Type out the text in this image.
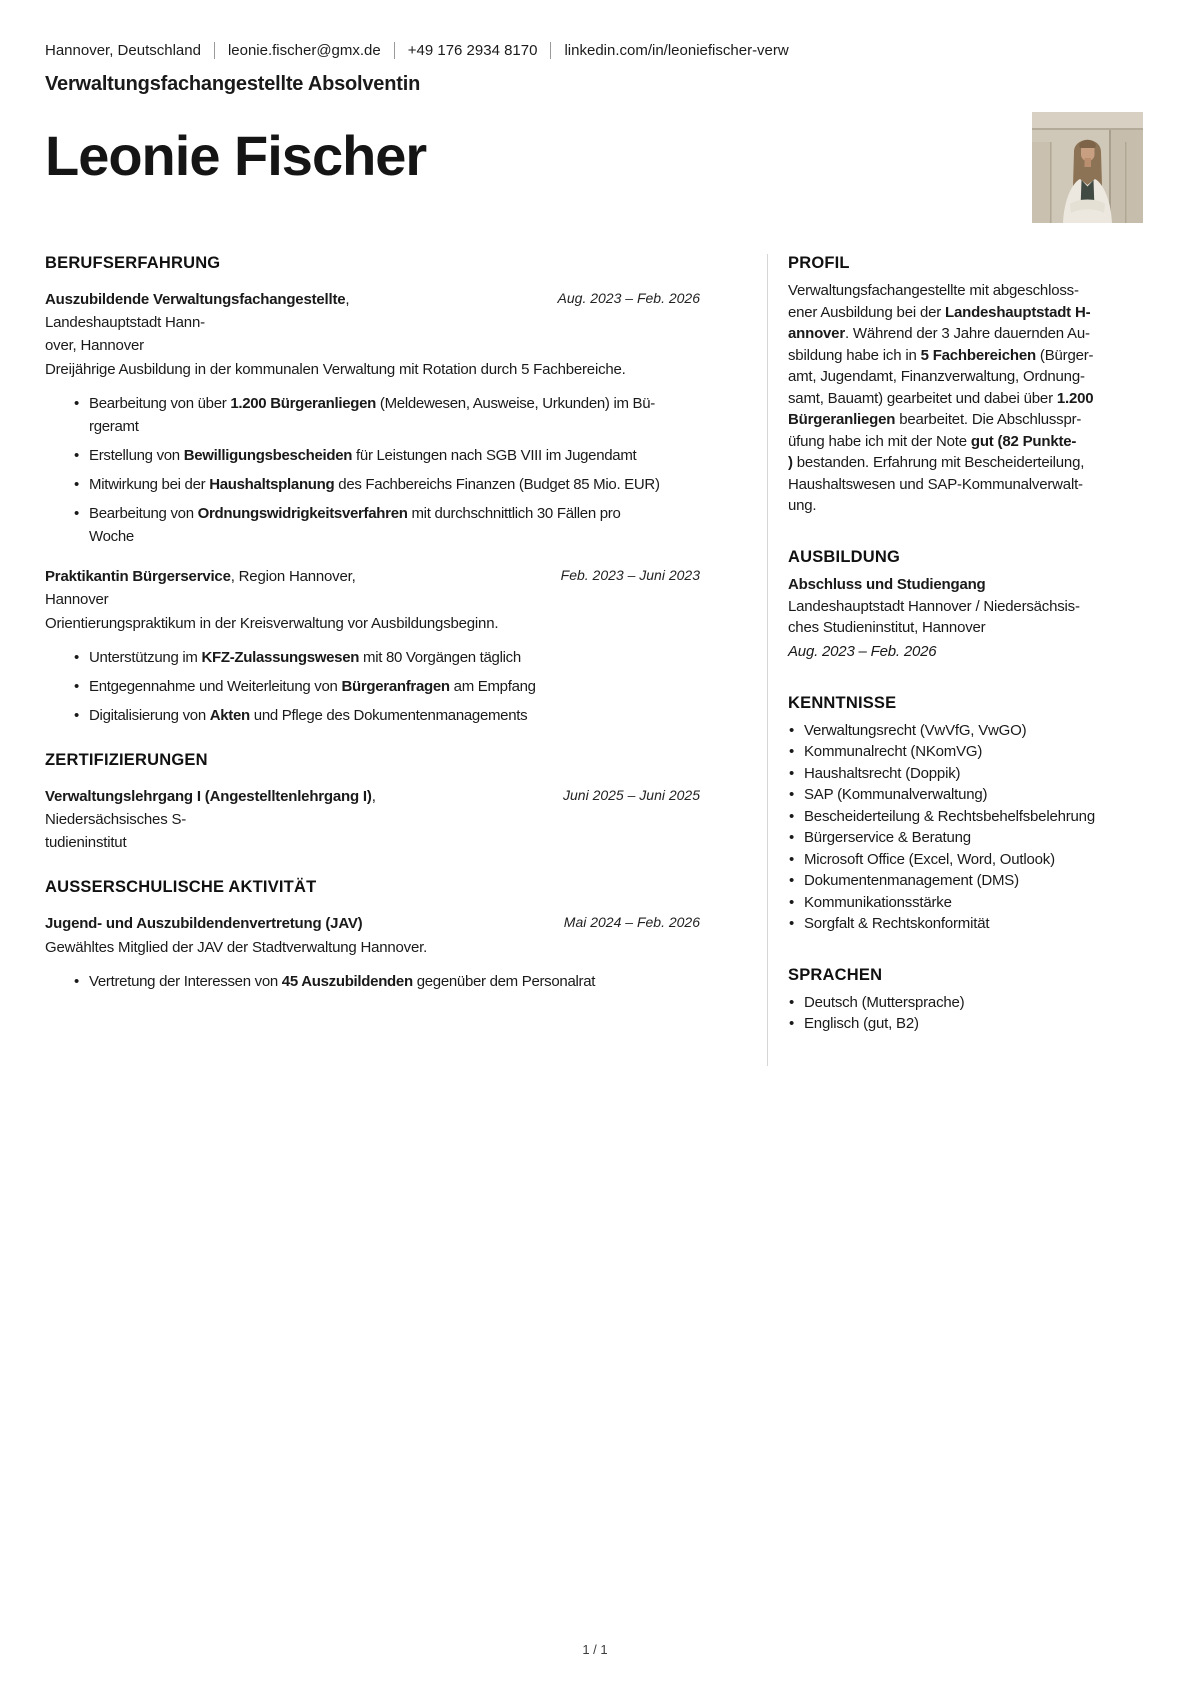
Hannover, Deutschland leonie.fischer@gmx.de +49 176 2934 8170 linkedin.com/in/leoniefischer-verw
Verwaltungsfachangestellte Absolventin
Leonie Fischer
BERUFSERFAHRUNG
Auszubildende Verwaltungsfachangestellte, Landeshauptstadt Hann-
over, Hannover
Aug. 2023 – Feb. 2026
Dreijährige Ausbildung in der kommunalen Verwaltung mit Rotation durch 5 Fachbereiche.
• Bearbeitung von über 1.200 Bürgeranliegen (Meldewesen, Ausweise, Urkunden) im Bü-
rgeramt
• Erstellung von Bewilligungsbescheiden für Leistungen nach SGB VIII im Jugendamt
• Mitwirkung bei der Haushaltsplanung des Fachbereichs Finanzen (Budget 85 Mio. EUR)
• Bearbeitung von Ordnungswidrigkeitsverfahren mit durchschnittlich 30 Fällen pro
Woche
Praktikantin Bürgerservice, Region Hannover, Hannover
Feb. 2023 – Juni 2023
Orientierungspraktikum in der Kreisverwaltung vor Ausbildungsbeginn.
• Unterstützung im KFZ-Zulassungswesen mit 80 Vorgängen täglich
• Entgegennahme und Weiterleitung von Bürgeranfragen am Empfang
• Digitalisierung von Akten und Pflege des Dokumentenmanagements
ZERTIFIZIERUNGEN
Verwaltungslehrgang I (Angestelltenlehrgang I), Niedersächsisches S-
tudieninstitut
Juni 2025 – Juni 2025
AUSSERSCHULISCHE AKTIVITÄT
Jugend- und Auszubildendenvertretung (JAV)	Mai 2024 – Feb. 2026
Gewähltes Mitglied der JAV der Stadtverwaltung Hannover.
• Vertretung der Interessen von 45 Auszubildenden gegenüber dem Personalrat
PROFIL
Verwaltungsfachangestellte mit abgeschloss-
ener Ausbildung bei der Landeshauptstadt H-
annover. Während der 3 Jahre dauernden Au-
sbildung habe ich in 5 Fachbereichen (Bürger-
amt, Jugendamt, Finanzverwaltung, Ordnung-
samt, Bauamt) gearbeitet und dabei über 1.200
Bürgeranliegen bearbeitet. Die Abschlusspr-
üfung habe ich mit der Note gut (82 Punkte-
) bestanden. Erfahrung mit Bescheiderteilung,
Haushaltswesen und SAP-Kommunalverwalt-
ung.
AUSBILDUNG
Abschluss und Studiengang
Landeshauptstadt Hannover / Niedersächsis-
ches Studieninstitut, Hannover
Aug. 2023 – Feb. 2026
KENNTNISSE
• Verwaltungsrecht (VwVfG, VwGO)
• Kommunalrecht (NKomVG)
• Haushaltsrecht (Doppik)
• SAP (Kommunalverwaltung)
• Bescheiderteilung & Rechtsbehelfsbelehrung
• Bürgerservice & Beratung
• Microsoft Office (Excel, Word, Outlook)
• Dokumentenmanagement (DMS)
• Kommunikationsstärke
• Sorgfalt & Rechtskonformität
SPRACHEN
• Deutsch (Muttersprache)
• Englisch (gut, B2)
1 / 1
